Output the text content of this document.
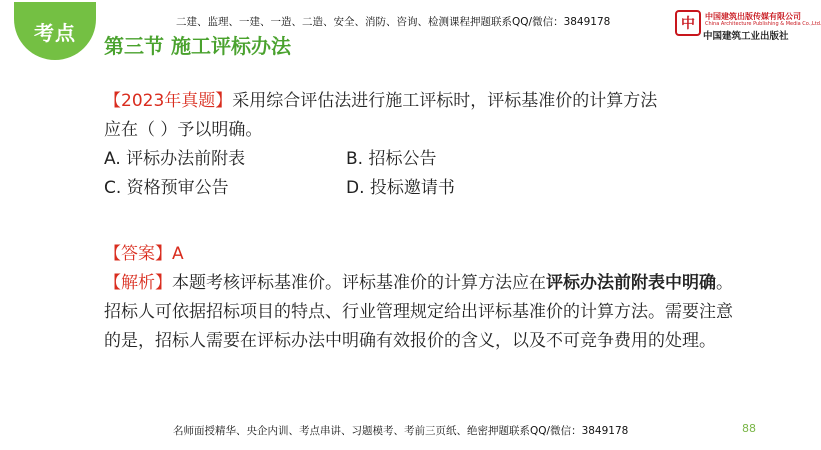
考点
第三节 施工评标办法
二建、监理、一建、一造、二造、安全、消防、咨询、检测课程押题联系QQ/微信：3849178	中	中国建筑出版传媒有限公司
China Architecture Publishing & Media Co.,Ltd.
中国建筑工业出版社

【2023年真题】采用综合评估法进行施工评标时，评标基准价的计算方法

应在（ ）予以明确。

A. 评标办法前附表	B. 招标公告
C. 资格预审公告	D. 投标邀请书

【答案】A

【解析】本题考核评标基准价。评标基准价的计算方法应在评标办法前附表中明确。招标人可依据招标项目的特点、行业管理规定给出评标基准价的计算方法。需要注意的是，招标人需要在评标办法中明确有效报价的含义，以及不可竞争费用的处理。

名师面授精华、央企内训、考点串讲、习题模考、考前三页纸、绝密押题联系QQ/微信：3849178	88
